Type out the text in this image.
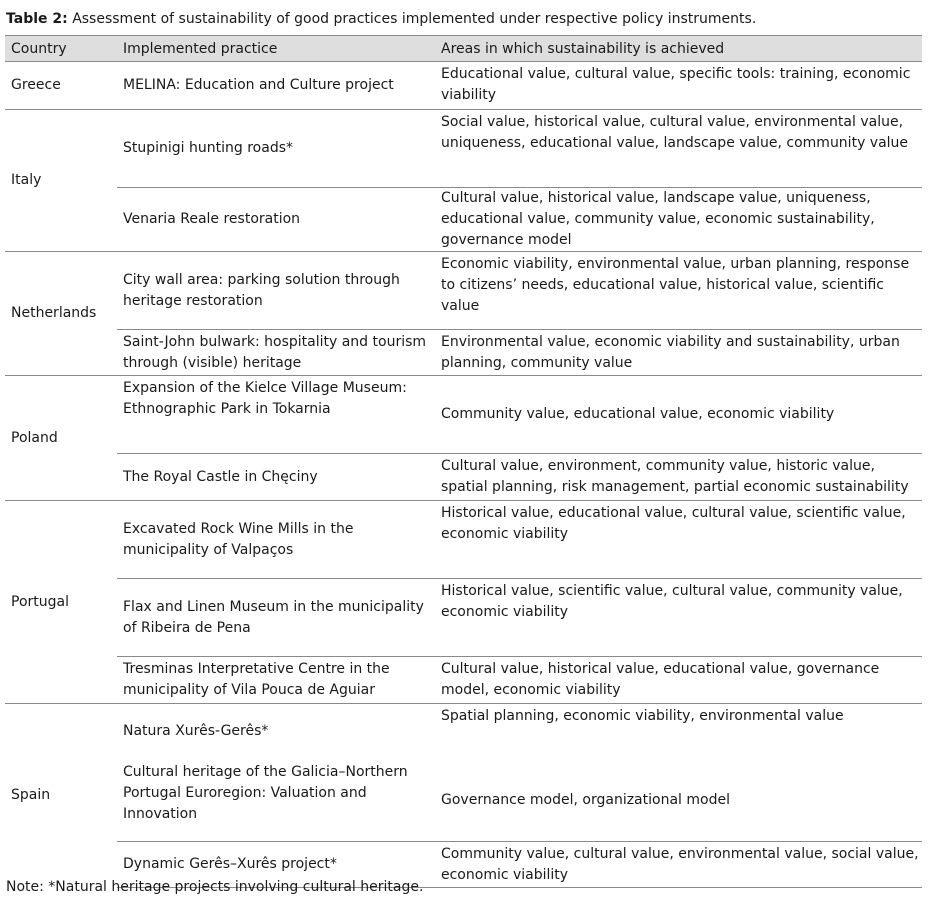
Table 2: Assessment of sustainability of good practices implemented under respective policy instruments.
Country	Implemented practice	Areas in which sustainability is achieved
Greece	MELINA: Education and Culture project	Educational value, cultural value, specific tools: training, economic viability
Italy	Stupinigi hunting roads*	Social value, historical value, cultural value, environmental value, uniqueness, educational value, landscape value, community value
	Venaria Reale restoration	Cultural value, historical value, landscape value, uniqueness, educational value, community value, economic sustainability, governance model
Netherlands	City wall area: parking solution through heritage restoration	Economic viability, environmental value, urban planning, response to citizens’ needs, educational value, historical value, scientific value
	Saint-John bulwark: hospitality and tourism through (visible) heritage	Environmental value, economic viability and sustainability, urban planning, community value
Poland	Expansion of the Kielce Village Museum: Ethnographic Park in Tokarnia	Community value, educational value, economic viability
	The Royal Castle in Chęciny	Cultural value, environment, community value, historic value, spatial planning, risk management, partial economic sustainability
Portugal	Excavated Rock Wine Mills in the municipality of Valpaços	Historical value, educational value, cultural value, scientific value, economic viability
	Flax and Linen Museum in the municipality of Ribeira de Pena	Historical value, scientific value, cultural value, community value, economic viability
	Tresminas Interpretative Centre in the municipality of Vila Pouca de Aguiar	Cultural value, historical value, educational value, governance model, economic viability
Spain	Natura Xurês-Gerês*	Spatial planning, economic viability, environmental value
	Cultural heritage of the Galicia–Northern Portugal Euroregion: Valuation and Innovation	Governance model, organizational model
	Dynamic Gerês–Xurês project*	Community value, cultural value, environmental value, social value, economic viability
Note: *Natural heritage projects involving cultural heritage.
